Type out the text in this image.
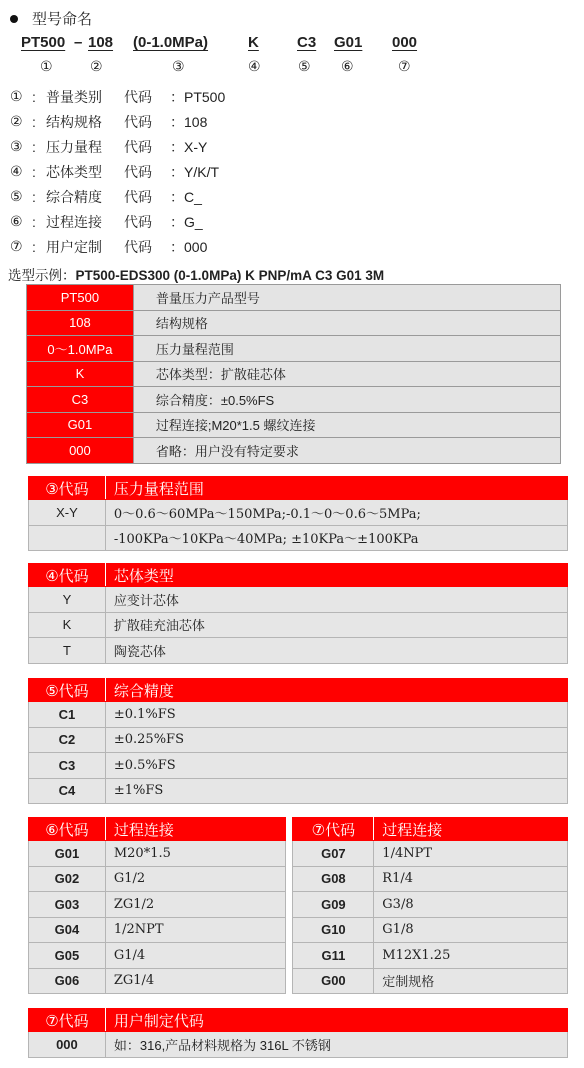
型号命名
PT500 – 108 (0-1.0MPa)	K	C3 G01 000
①	②	③	④	⑤ ⑥	⑦
① : 普量类别	代码	： PT500
② : 结构规格	代码	： 108
③ : 压力量程	代码	： X-Y
④ : 芯体类型	代码	： Y/K/T
⑤ : 综合精度	代码	： C_
⑥ : 过程连接	代码	： G_
⑦ : 用户定制	代码	： 000
选型示例：PT500-EDS300 (0-1.0MPa) K PNP/mA C3 G01 3M
PT500	普量压力产品型号
108	结构规格
0～1.0MPa	压力量程范围
K	芯体类型：扩散硅芯体
C3	综合精度：±0.5%FS
G01	过程连接;M20*1.5 螺纹连接
000	省略：用户没有特定要求
③代码	压力量程范围
X-Y	0～0.6～60MPa～150MPa;-0.1～0～0.6～5MPa;
	-100KPa～10KPa～40MPa; ±10KPa～±100KPa
④代码	芯体类型
Y	应变计芯体
K	扩散硅充油芯体
T	陶瓷芯体
⑤代码	综合精度
C1	±0.1%FS
C2	±0.25%FS
C3	±0.5%FS
C4	±1%FS
⑥代码	过程连接		⑦代码	过程连接
G01	M20*1.5		G07	1/4NPT
G02	G1/2		G08	R1/4
G03	ZG1/2		G09	G3/8
G04	1/2NPT		G10	G1/8
G05	G1/4		G11	M12X1.25
G06	ZG1/4		G00	定制规格
⑦代码	用户制定代码
000	如：316,产品材料规格为 316L 不锈钢
